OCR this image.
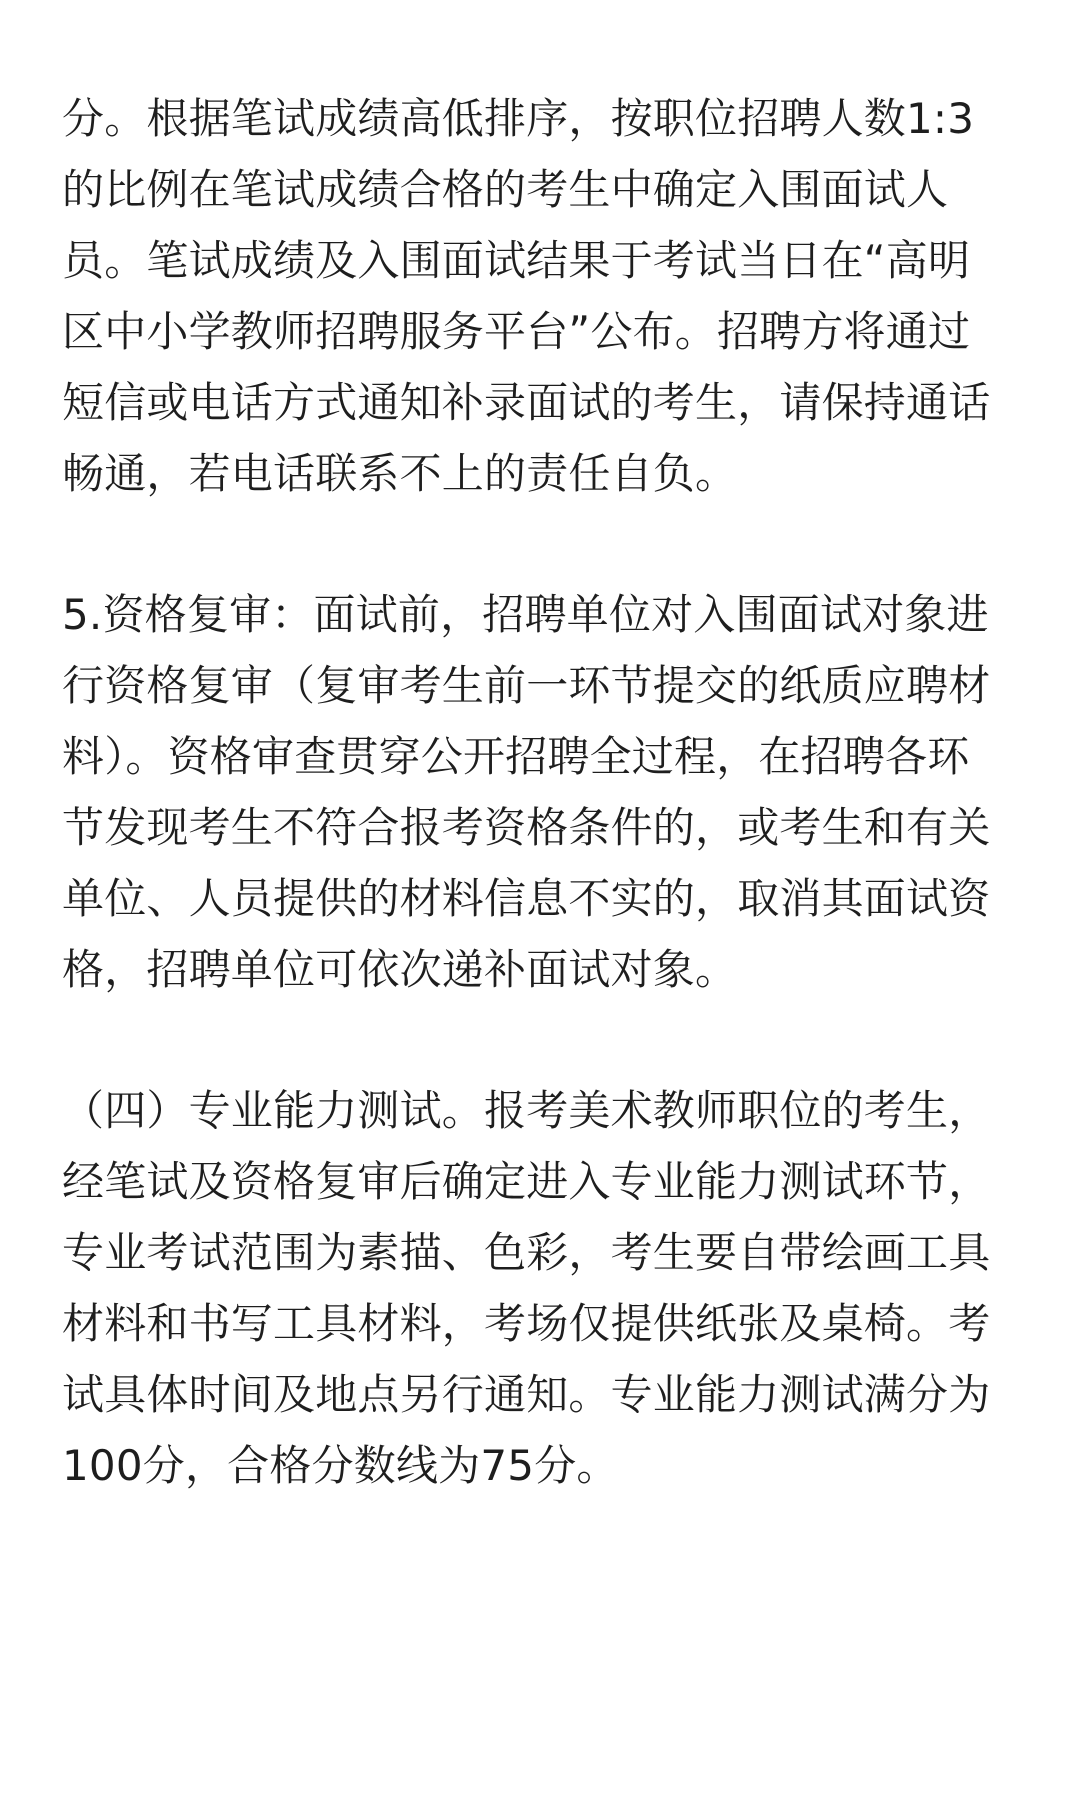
分。根据笔试成绩高低排序，按职位招聘人数1:3
的比例在笔试成绩合格的考生中确定入围面试人
员。笔试成绩及入围面试结果于考试当日在“高明
区中小学教师招聘服务平台”公布。招聘方将通过
短信或电话方式通知补录面试的考生，请保持通话
畅通，若电话联系不上的责任自负。

5.资格复审：面试前，招聘单位对入围面试对象进
行资格复审（复审考生前一环节提交的纸质应聘材
料）。资格审查贯穿公开招聘全过程，在招聘各环
节发现考生不符合报考资格条件的，或考生和有关
单位、人员提供的材料信息不实的，取消其面试资
格，招聘单位可依次递补面试对象。

（四）专业能力测试。报考美术教师职位的考生，
经笔试及资格复审后确定进入专业能力测试环节，
专业考试范围为素描、色彩，考生要自带绘画工具
材料和书写工具材料，考场仅提供纸张及桌椅。考
试具体时间及地点另行通知。专业能力测试满分为
100分，合格分数线为75分。
